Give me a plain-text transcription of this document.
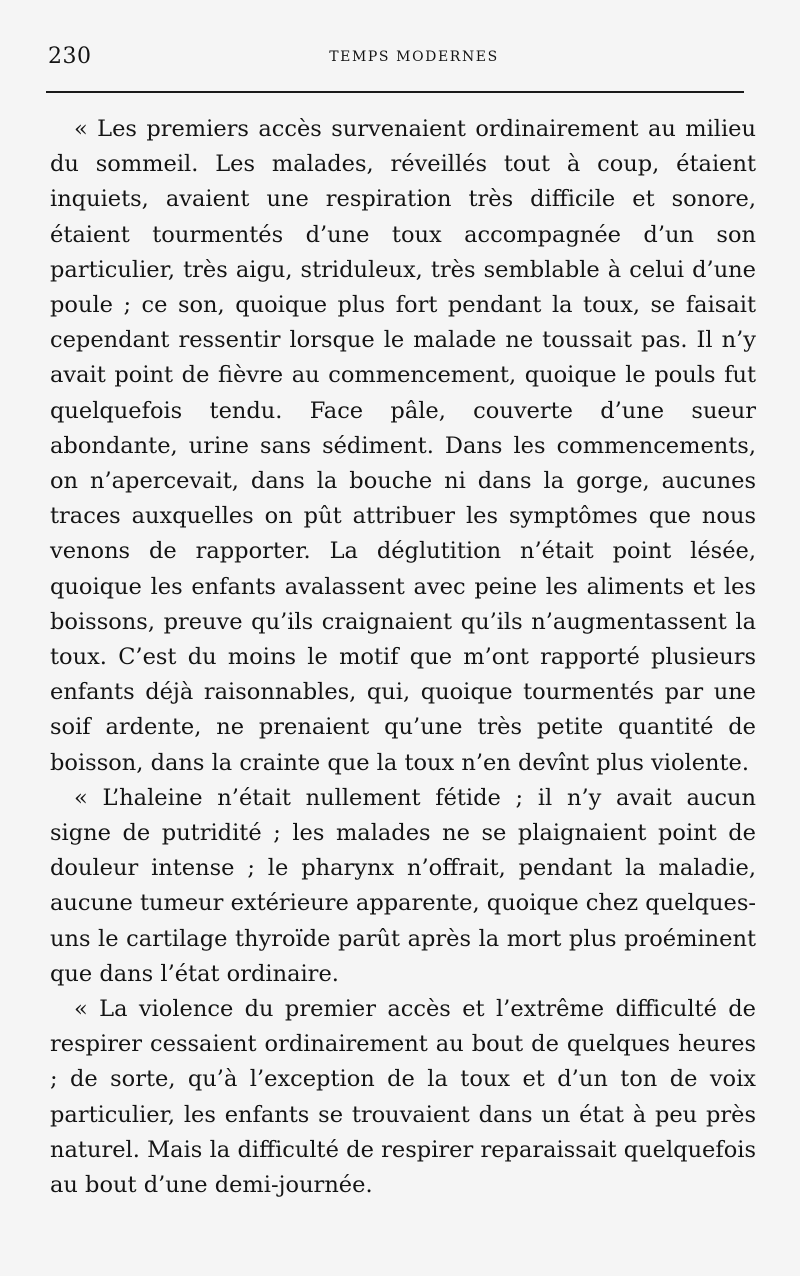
230	TEMPS MODERNES

« Les premiers accès survenaient ordinairement au milieu du sommeil. Les malades, réveillés tout à coup, étaient inquiets, avaient une respiration très difficile et sonore, étaient tourmentés d’une toux accompagnée d’un son particulier, très aigu, striduleux, très semblable à celui d’une poule ; ce son, quoique plus fort pendant la toux, se faisait cependant ressentir lorsque le malade ne toussait pas. Il n’y avait point de fièvre au commencement, quoique le pouls fut quelquefois tendu. Face pâle, couverte d’une sueur abondante, urine sans sédiment. Dans les commencements, on n’apercevait, dans la bouche ni dans la gorge, aucunes traces auxquelles on pût attribuer les symptômes que nous venons de rapporter. La déglutition n’était point lésée, quoique les enfants avalassent avec peine les aliments et les boissons, preuve qu’ils craignaient qu’ils n’augmentassent la toux. C’est du moins le motif que m’ont rapporté plusieurs enfants déjà raisonnables, qui, quoique tourmentés par une soif ardente, ne prenaient qu’une très petite quantité de boisson, dans la crainte que la toux n’en devînt plus violente.

« L’haleine n’était nullement fétide ; il n’y avait aucun signe de putridité ; les malades ne se plaignaient point de douleur intense ; le pharynx n’offrait, pendant la maladie, aucune tumeur extérieure apparente, quoique chez quelques-uns le cartilage thyroïde parût après la mort plus proéminent que dans l’état ordinaire.

« La violence du premier accès et l’extrême difficulté de respirer cessaient ordinairement au bout de quelques heures ; de sorte, qu’à l’exception de la toux et d’un ton de voix particulier, les enfants se trouvaient dans un état à peu près naturel. Mais la difficulté de respirer reparaissait quelquefois au bout d’une demi-journée.
